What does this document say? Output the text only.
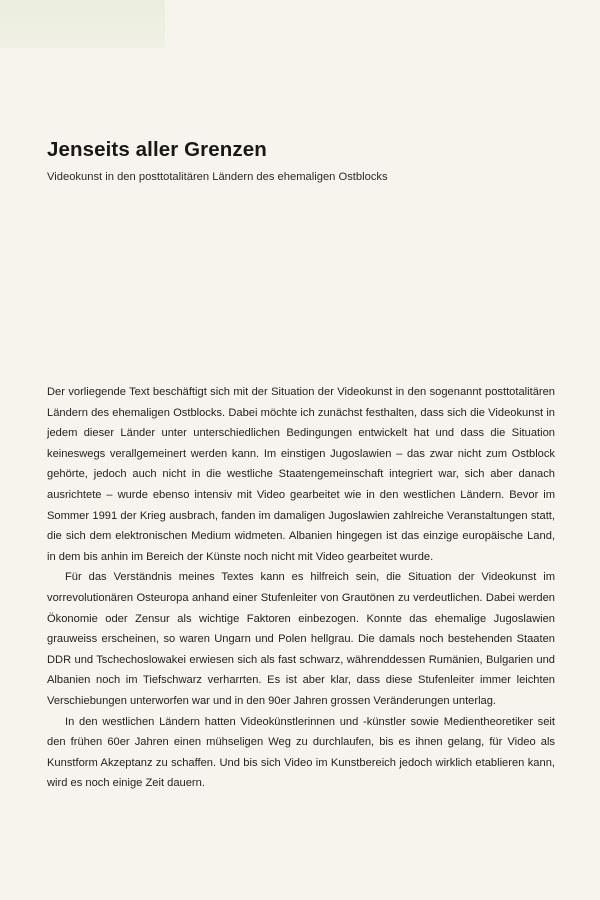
Jenseits aller Grenzen
Videokunst in den posttotalitären Ländern des ehemaligen Ostblocks

Der vorliegende Text beschäftigt sich mit der Situation der Videokunst in den sogenannt posttotalitären Ländern des ehemaligen Ostblocks. Dabei möchte ich zunächst festhalten, dass sich die Videokunst in jedem dieser Länder unter unterschiedlichen Bedingungen entwickelt hat und dass die Situation keineswegs verallgemeinert werden kann. Im einstigen Jugoslawien – das zwar nicht zum Ostblock gehörte, jedoch auch nicht in die westliche Staatengemeinschaft integriert war, sich aber danach ausrichtete – wurde ebenso intensiv mit Video gearbeitet wie in den westlichen Ländern. Bevor im Sommer 1991 der Krieg ausbrach, fanden im damaligen Jugoslawien zahlreiche Veranstaltungen statt, die sich dem elektronischen Medium widmeten. Albanien hingegen ist das einzige europäische Land, in dem bis anhin im Bereich der Künste noch nicht mit Video gearbeitet wurde.

Für das Verständnis meines Textes kann es hilfreich sein, die Situation der Videokunst im vorrevolutionären Osteuropa anhand einer Stufenleiter von Grautönen zu verdeutlichen. Dabei werden Ökonomie oder Zensur als wichtige Faktoren einbezogen. Konnte das ehemalige Jugoslawien grauweiss erscheinen, so waren Ungarn und Polen hellgrau. Die damals noch bestehenden Staaten DDR und Tschechoslowakei erwiesen sich als fast schwarz, währenddessen Rumänien, Bulgarien und Albanien noch im Tiefschwarz verharrten. Es ist aber klar, dass diese Stufenleiter immer leichten Verschiebungen unterworfen war und in den 90er Jahren grossen Veränderungen unterlag.

In den westlichen Ländern hatten Videokünstlerinnen und -künstler sowie Medientheoretiker seit den frühen 60er Jahren einen mühseligen Weg zu durchlaufen, bis es ihnen gelang, für Video als Kunstform Akzeptanz zu schaffen. Und bis sich Video im Kunstbereich jedoch wirklich etablieren kann, wird es noch einige Zeit dauern.
